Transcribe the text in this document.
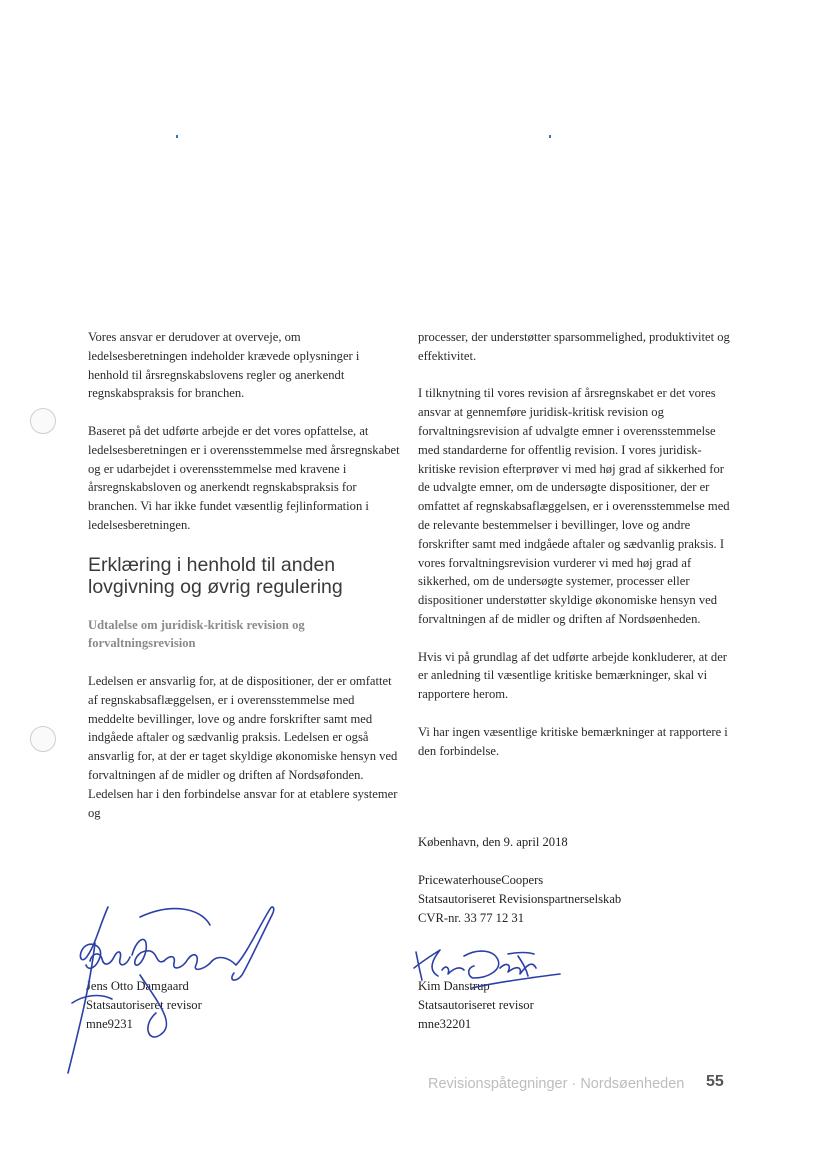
Vores ansvar er derudover at overveje, om ledelsesberetningen indeholder krævede oplysninger i henhold til årsregnskabslovens regler og anerkendt regnskabspraksis for branchen.

Baseret på det udførte arbejde er det vores opfattelse, at ledelsesberetningen er i overensstemmelse med årsregnskabet og er udarbejdet i overensstemmelse med kravene i årsregnskabsloven og anerkendt regnskabspraksis for branchen. Vi har ikke fundet væsentlig fejlinformation i ledelsesberetningen.

Erklæring i henhold til anden lovgivning og øvrig regulering

Udtalelse om juridisk-kritisk revision og forvaltningsrevision

Ledelsen er ansvarlig for, at de dispositioner, der er omfattet af regnskabsaflæggelsen, er i overensstemmelse med meddelte bevillinger, love og andre forskrifter samt med indgåede aftaler og sædvanlig praksis. Ledelsen er også ansvarlig for, at der er taget skyldige økonomiske hensyn ved forvaltningen af de midler og driften af Nordsøfonden. Ledelsen har i den forbindelse ansvar for at etablere systemer og

processer, der understøtter sparsommelighed, produktivitet og effektivitet.

I tilknytning til vores revision af årsregnskabet er det vores ansvar at gennemføre juridisk-kritisk revision og forvaltningsrevision af udvalgte emner i overensstemmelse med standarderne for offentlig revision. I vores juridisk-kritiske revision efterprøver vi med høj grad af sikkerhed for de udvalgte emner, om de undersøgte dispositioner, der er omfattet af regnskabsaflæggelsen, er i overensstemmelse med de relevante bestemmelser i bevillinger, love og andre forskrifter samt med indgåede aftaler og sædvanlig praksis. I vores forvaltningsrevision vurderer vi med høj grad af sikkerhed, om de undersøgte systemer, processer eller dispositioner understøtter skyldige økonomiske hensyn ved forvaltningen af de midler og driften af Nordsøenheden.

Hvis vi på grundlag af det udførte arbejde konkluderer, at der er anledning til væsentlige kritiske bemærkninger, skal vi rapportere herom.

Vi har ingen væsentlige kritiske bemærkninger at rapportere i den forbindelse.

København, den 9. april 2018
PricewaterhouseCoopers
Statsautoriseret Revisionspartnerselskab
CVR-nr. 33 77 12 31
Jens Otto Damgaard
Statsautoriseret revisor
mne9231
Kim Danstrup
Statsautoriseret revisor
mne32201
Revisionspåtegninger · Nordsøenheden 55
